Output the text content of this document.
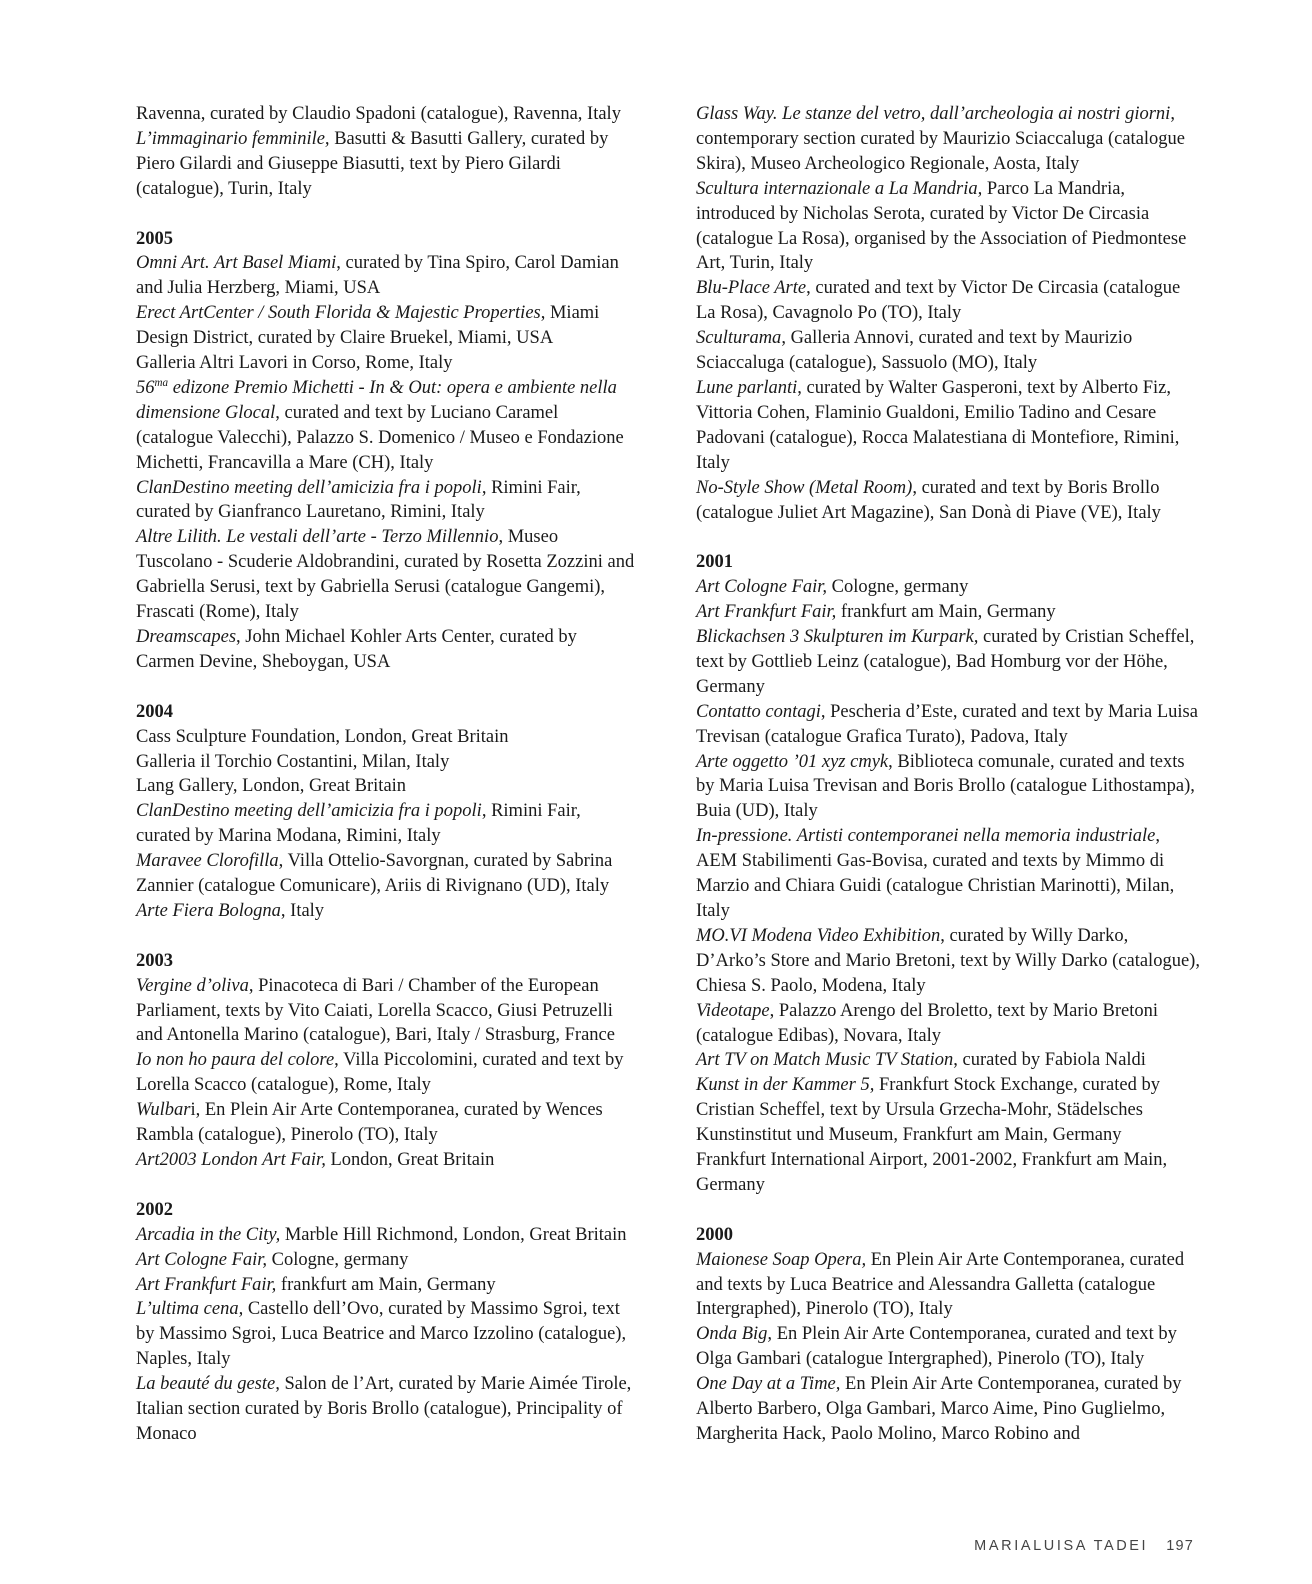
Ravenna, curated by Claudio Spadoni (catalogue), Ravenna, Italy
L’immaginario femminile, Basutti & Basutti Gallery, curated by Piero Gilardi and Giuseppe Biasutti, text by Piero Gilardi (catalogue), Turin, Italy
2005
Omni Art. Art Basel Miami, curated by Tina Spiro, Carol Damian and Julia Herzberg, Miami, USA
Erect ArtCenter / South Florida & Majestic Properties, Miami Design District, curated by Claire Bruekel, Miami, USA
Galleria Altri Lavori in Corso, Rome, Italy
$56^{ma}$ edizone Premio Michetti - In & Out: opera e ambiente nella dimensione Glocal, curated and text by Luciano Caramel (catalogue Valecchi), Palazzo S. Domenico / Museo e Fondazione Michetti, Francavilla a Mare (CH), Italy
ClanDestino meeting dell’amicizia fra i popoli, Rimini Fair, curated by Gianfranco Lauretano, Rimini, Italy
Altre Lilith. Le vestali dell’arte - Terzo Millennio, Museo Tuscolano - Scuderie Aldobrandini, curated by Rosetta Zozzini and Gabriella Serusi, text by Gabriella Serusi (catalogue Gangemi), Frascati (Rome), Italy
Dreamscapes, John Michael Kohler Arts Center, curated by Carmen Devine, Sheboygan, USA
2004
Cass Sculpture Foundation, London, Great Britain
Galleria il Torchio Costantini, Milan, Italy
Lang Gallery, London, Great Britain
ClanDestino meeting dell’amicizia fra i popoli, Rimini Fair, curated by Marina Modana, Rimini, Italy
Maravee Clorofilla, Villa Ottelio-Savorgnan, curated by Sabrina Zannier (catalogue Comunicare), Ariis di Rivignano (UD), Italy
Arte Fiera Bologna, Italy
2003
Vergine d’oliva, Pinacoteca di Bari / Chamber of the European Parliament, texts by Vito Caiati, Lorella Scacco, Giusi Petruzelli and Antonella Marino (catalogue), Bari, Italy / Strasburg, France
Io non ho paura del colore, Villa Piccolomini, curated and text by Lorella Scacco (catalogue), Rome, Italy
Wulbari, En Plein Air Arte Contemporanea, curated by Wences Rambla (catalogue), Pinerolo (TO), Italy
Art2003 London Art Fair, London, Great Britain
2002
Arcadia in the City, Marble Hill Richmond, London, Great Britain
Art Cologne Fair, Cologne, germany
Art Frankfurt Fair, frankfurt am Main, Germany
L’ultima cena, Castello dell’Ovo, curated by Massimo Sgroi, text by Massimo Sgroi, Luca Beatrice and Marco Izzolino (catalogue), Naples, Italy
La beauté du geste, Salon de l’Art, curated by Marie Aimée Tirole, Italian section curated by Boris Brollo (catalogue), Principality of Monaco
Glass Way. Le stanze del vetro, dall’archeologia ai nostri giorni, contemporary section curated by Maurizio Sciaccaluga (catalogue Skira), Museo Archeologico Regionale, Aosta, Italy
Scultura internazionale a La Mandria, Parco La Mandria, introduced by Nicholas Serota, curated by Victor De Circasia (catalogue La Rosa), organised by the Association of Piedmontese Art, Turin, Italy
Blu-Place Arte, curated and text by Victor De Circasia (catalogue La Rosa), Cavagnolo Po (TO), Italy
Sculturama, Galleria Annovi, curated and text by Maurizio Sciaccaluga (catalogue), Sassuolo (MO), Italy
Lune parlanti, curated by Walter Gasperoni, text by Alberto Fiz, Vittoria Cohen, Flaminio Gualdoni, Emilio Tadino and Cesare Padovani (catalogue), Rocca Malatestiana di Montefiore, Rimini, Italy
No-Style Show (Metal Room), curated and text by Boris Brollo (catalogue Juliet Art Magazine), San Donà di Piave (VE), Italy
2001
Art Cologne Fair, Cologne, germany
Art Frankfurt Fair, frankfurt am Main, Germany
Blickachsen 3 Skulpturen im Kurpark, curated by Cristian Scheffel, text by Gottlieb Leinz (catalogue), Bad Homburg vor der Höhe, Germany
Contatto contagi, Pescheria d’Este, curated and text by Maria Luisa Trevisan (catalogue Grafica Turato), Padova, Italy
Arte oggetto ’01 xyz cmyk, Biblioteca comunale, curated and texts by Maria Luisa Trevisan and Boris Brollo (catalogue Lithostampa), Buia (UD), Italy
In-pressione. Artisti contemporanei nella memoria industriale, AEM Stabilimenti Gas-Bovisa, curated and texts by Mimmo di Marzio and Chiara Guidi (catalogue Christian Marinotti), Milan, Italy
MO.VI Modena Video Exhibition, curated by Willy Darko, D’Arko’s Store and Mario Bretoni, text by Willy Darko (catalogue), Chiesa S. Paolo, Modena, Italy
Videotape, Palazzo Arengo del Broletto, text by Mario Bretoni (catalogue Edibas), Novara, Italy
Art TV on Match Music TV Station, curated by Fabiola Naldi
Kunst in der Kammer 5, Frankfurt Stock Exchange, curated by Cristian Scheffel, text by Ursula Grzecha-Mohr, Städelsches Kunstinstitut und Museum, Frankfurt am Main, Germany
Frankfurt International Airport, 2001-2002, Frankfurt am Main, Germany
2000
Maionese Soap Opera, En Plein Air Arte Contemporanea, curated and texts by Luca Beatrice and Alessandra Galletta (catalogue Intergraphed), Pinerolo (TO), Italy
Onda Big, En Plein Air Arte Contemporanea, curated and text by Olga Gambari (catalogue Intergraphed), Pinerolo (TO), Italy
One Day at a Time, En Plein Air Arte Contemporanea, curated by Alberto Barbero, Olga Gambari, Marco Aime, Pino Guglielmo, Margherita Hack, Paolo Molino, Marco Robino and
MARIALUISA TADEI 197
